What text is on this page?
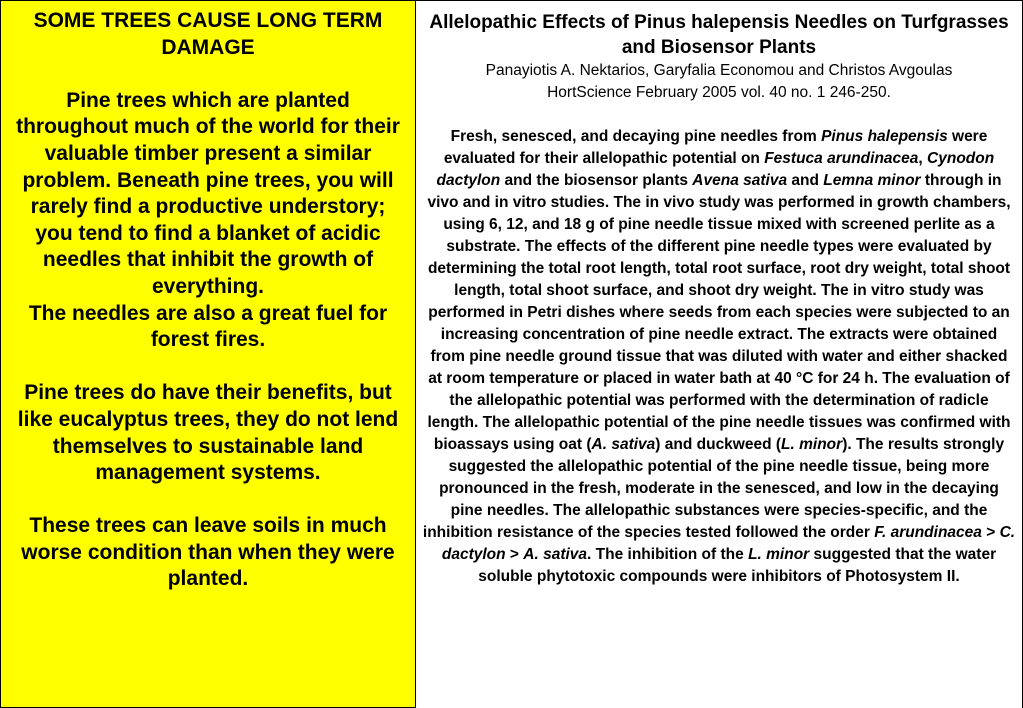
SOME TREES CAUSE LONG TERM DAMAGE

Pine trees which are planted throughout much of the world for their valuable timber present a similar problem. Beneath pine trees, you will rarely find a productive understory; you tend to find a blanket of acidic needles that inhibit the growth of everything.

The needles are also a great fuel for forest fires.

Pine trees do have their benefits, but like eucalyptus trees, they do not lend themselves to sustainable land management systems.

These trees can leave soils in much worse condition than when they were planted.

Allelopathic Effects of Pinus halepensis Needles on Turfgrasses and Biosensor Plants

Panayiotis A. Nektarios, Garyfalia Economou and Christos Avgoulas

HortScience February 2005 vol. 40 no. 1 246-250.

Fresh, senesced, and decaying pine needles from Pinus halepensis were evaluated for their allelopathic potential on Festuca arundinacea, Cynodon dactylon and the biosensor plants Avena sativa and Lemna minor through in vivo and in vitro studies. The in vivo study was performed in growth chambers, using 6, 12, and 18 g of pine needle tissue mixed with screened perlite as a substrate. The effects of the different pine needle types were evaluated by determining the total root length, total root surface, root dry weight, total shoot length, total shoot surface, and shoot dry weight. The in vitro study was performed in Petri dishes where seeds from each species were subjected to an increasing concentration of pine needle extract. The extracts were obtained from pine needle ground tissue that was diluted with water and either shacked at room temperature or placed in water bath at 40 °C for 24 h. The evaluation of the allelopathic potential was performed with the determination of radicle length. The allelopathic potential of the pine needle tissues was confirmed with bioassays using oat (A. sativa) and duckweed (L. minor). The results strongly suggested the allelopathic potential of the pine needle tissue, being more pronounced in the fresh, moderate in the senesced, and low in the decaying pine needles. The allelopathic substances were species-specific, and the inhibition resistance of the species tested followed the order F. arundinacea > C. dactylon > A. sativa. The inhibition of the L. minor suggested that the water soluble phytotoxic compounds were inhibitors of Photosystem II.
